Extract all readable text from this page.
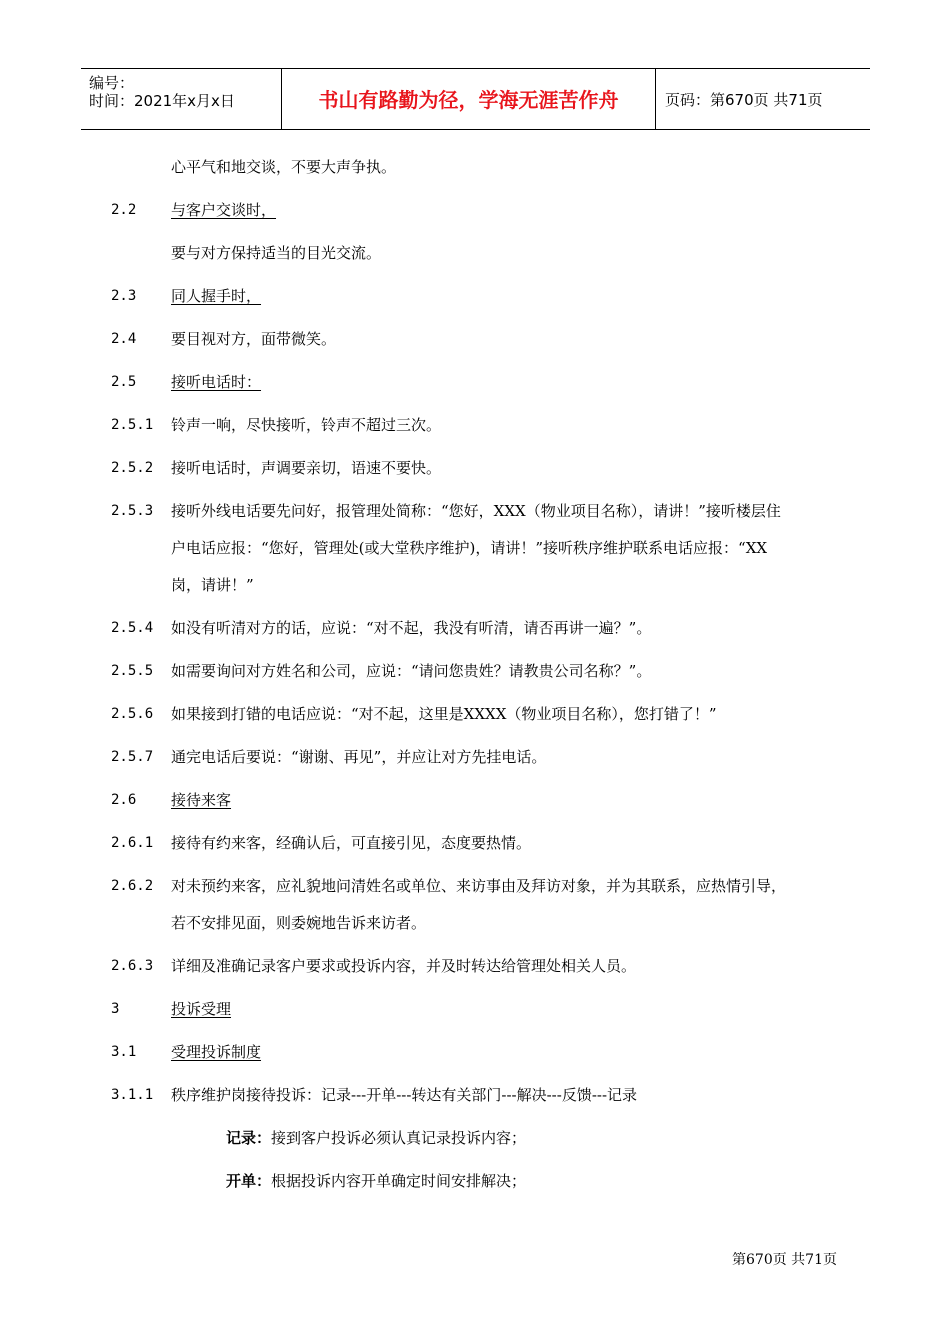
编号：
时间：2021年x月x日	书山有路勤为径，学海无涯苦作舟	页码：第670页 共71页
心平气和地交谈，不要大声争执。
2.2 与客户交谈时，
要与对方保持适当的目光交流。
2.3 同人握手时，
2.4 要目视对方，面带微笑。
2.5 接听电话时：
2.5.1 铃声一响，尽快接听，铃声不超过三次。
2.5.2 接听电话时，声调要亲切，语速不要快。
2.5.3 接听外线电话要先问好，报管理处简称：“您好，XXX（物业项目名称），请讲！”接听楼层住
户电话应报：“您好，管理处(或大堂秩序维护)，请讲！”接听秩序维护联系电话应报：“XX
岗，请讲！”
2.5.4 如没有听清对方的话，应说：“对不起，我没有听清，请否再讲一遍？”。
2.5.5 如需要询问对方姓名和公司，应说：“请问您贵姓？请教贵公司名称？”。
2.5.6 如果接到打错的电话应说：“对不起，这里是XXXX（物业项目名称），您打错了！”
2.5.7 通完电话后要说：“谢谢、再见”，并应让对方先挂电话。
2.6 接待来客
2.6.1 接待有约来客，经确认后，可直接引见，态度要热情。
2.6.2 对未预约来客，应礼貌地问清姓名或单位、来访事由及拜访对象，并为其联系，应热情引导，
若不安排见面，则委婉地告诉来访者。
2.6.3 详细及准确记录客户要求或投诉内容，并及时转达给管理处相关人员。
3	投诉受理
3.1 受理投诉制度
3.1.1 秩序维护岗接待投诉：记录---开单---转达有关部门---解决---反馈---记录
记录：接到客户投诉必须认真记录投诉内容；
开单：根据投诉内容开单确定时间安排解决；
第670页 共71页
